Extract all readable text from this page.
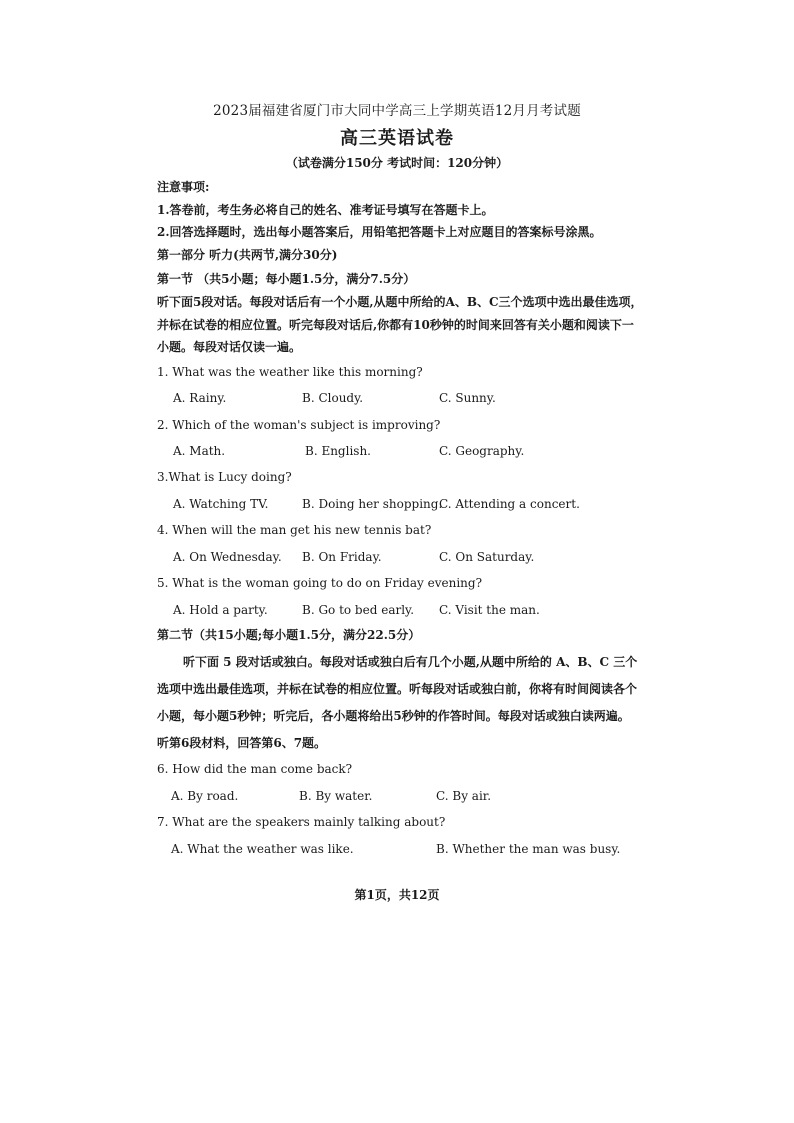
2023届福建省厦门市大同中学高三上学期英语12月月考试题
高三英语试卷
（试卷满分150分 考试时间：120分钟）
注意事项:
1.答卷前，考生务必将自己的姓名、准考证号填写在答题卡上。
2.回答选择题时，选出每小题答案后，用铅笔把答题卡上对应题目的答案标号涂黑。
第一部分 听力(共两节,满分30分)
第一节 （共5小题；每小题1.5分，满分7.5分）
听下面5段对话。每段对话后有一个小题,从题中所给的A、B、C三个选项中选出最佳选项，
并标在试卷的相应位置。听完每段对话后,你都有10秒钟的时间来回答有关小题和阅读下一
小题。每段对话仅读一遍。
1. What was the weather like this morning?
A. Rainy.	B. Cloudy.	C. Sunny.
2. Which of the woman's subject is improving?
A. Math.	B. English.	C. Geography.
3.What is Lucy doing?
A. Watching TV.	B. Doing her shopping.
C. Attending a concert.
4. When will the man get his new tennis bat?
A. On Wednesday. B. On Friday.	C. On Saturday.
5. What is the woman going to do on Friday evening?
A. Hold a party.	B. Go to bed early. C. Visit the man.
第二节（共15小题;每小题1.5分，满分22.5分）
听下面 5 段对话或独白。每段对话或独白后有几个小题,从题中所给的 A、B、C 三个
选项中选出最佳选项，并标在试卷的相应位置。听每段对话或独白前，你将有时间阅读各个
小题，每小题5秒钟；听完后，各小题将给出5秒钟的作答时间。每段对话或独白读两遍。
听第6段材料，回答第6、7题。
6. How did the man come back?
A. By road.	B. By water.	C. By air.
7. What are the speakers mainly talking about?
A. What the weather was like.	B. Whether the man was busy.
第1页，共12页
